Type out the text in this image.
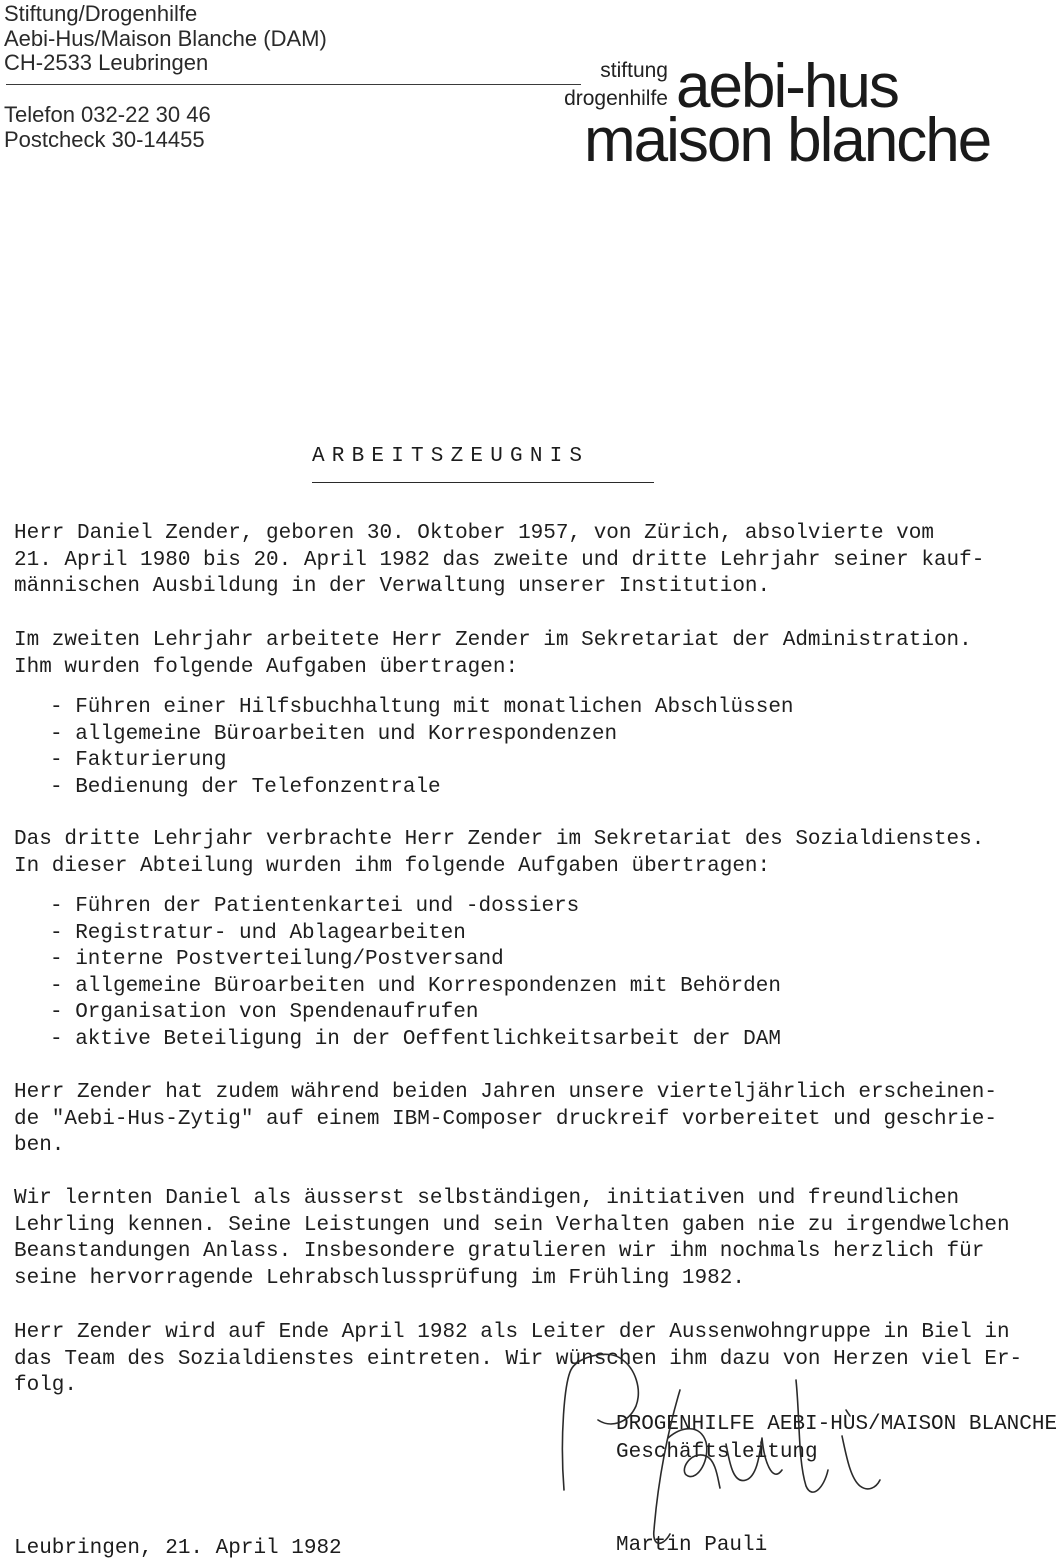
Stiftung/Drogenhilfe
Aebi-Hus/Maison Blanche (DAM)
CH-2533 Leubringen
Telefon 032-22 30 46
Postcheck 30-14455
stiftung
drogenhilfe aebi-hus
maison blanche
ARBEITSZEUGNIS
Herr Daniel Zender, geboren 30. Oktober 1957, von Zürich, absolvierte vom
21. April 1980 bis 20. April 1982 das zweite und dritte Lehrjahr seiner kauf-
männischen Ausbildung in der Verwaltung unserer Institution.
Im zweiten Lehrjahr arbeitete Herr Zender im Sekretariat der Administration.
Ihm wurden folgende Aufgaben übertragen:
- Führen einer Hilfsbuchhaltung mit monatlichen Abschlüssen
- allgemeine Büroarbeiten und Korrespondenzen
- Fakturierung
- Bedienung der Telefonzentrale
Das dritte Lehrjahr verbrachte Herr Zender im Sekretariat des Sozialdienstes.
In dieser Abteilung wurden ihm folgende Aufgaben übertragen:
- Führen der Patientenkartei und -dossiers
- Registratur- und Ablagearbeiten
- interne Postverteilung/Postversand
- allgemeine Büroarbeiten und Korrespondenzen mit Behörden
- Organisation von Spendenaufrufen
- aktive Beteiligung in der Oeffentlichkeitsarbeit der DAM
Herr Zender hat zudem während beiden Jahren unsere vierteljährlich erscheinen-
de "Aebi-Hus-Zytig" auf einem IBM-Composer druckreif vorbereitet und geschrie-
ben.
Wir lernten Daniel als äusserst selbständigen, initiativen und freundlichen
Lehrling kennen. Seine Leistungen und sein Verhalten gaben nie zu irgendwelchen
Beanstandungen Anlass. Insbesondere gratulieren wir ihm nochmals herzlich für
seine hervorragende Lehrabschlussprüfung im Frühling 1982.
Herr Zender wird auf Ende April 1982 als Leiter der Aussenwohngruppe in Biel in
das Team des Sozialdienstes eintreten. Wir wünschen ihm dazu von Herzen viel Er-
folg.
DROGENHILFE AEBI-HUS/MAISON BLANCHE
Geschäftsleitung
Leubringen, 21. April 1982	Martin Pauli
